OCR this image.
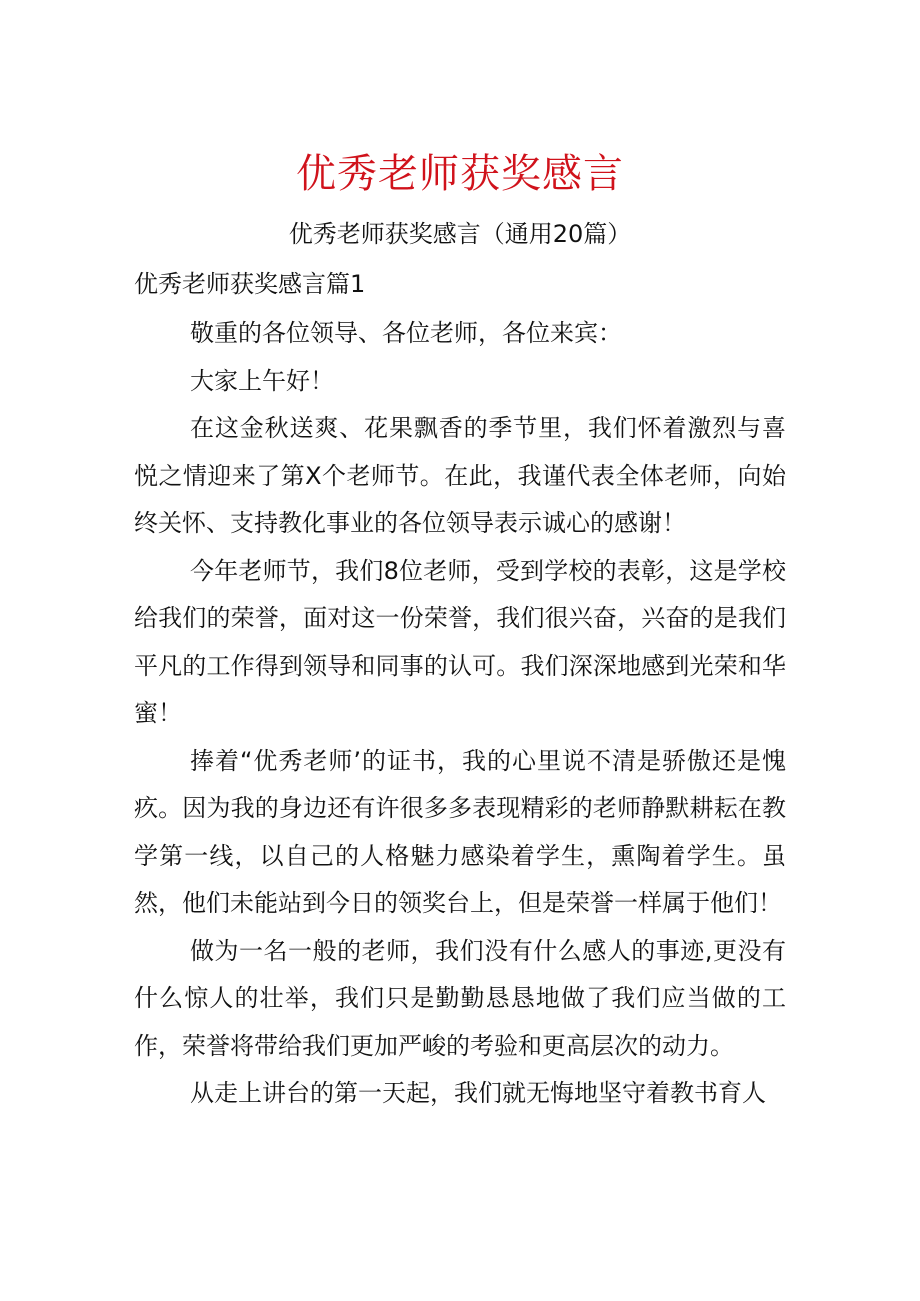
优秀老师获奖感言
优秀老师获奖感言（通用20篇）
优秀老师获奖感言篇1

敬重的各位领导、各位老师，各位来宾：

大家上午好！

在这金秋送爽、花果飘香的季节里，我们怀着激烈与喜悦之情迎来了第X个老师节。在此，我谨代表全体老师，向始终关怀、支持教化事业的各位领导表示诚心的感谢！

今年老师节，我们8位老师，受到学校的表彰，这是学校给我们的荣誉，面对这一份荣誉，我们很兴奋，兴奋的是我们平凡的工作得到领导和同事的认可。我们深深地感到光荣和华蜜！

捧着“优秀老师’的证书，我的心里说不清是骄傲还是愧疚。因为我的身边还有许很多多表现精彩的老师静默耕耘在教学第一线，以自己的人格魅力感染着学生，熏陶着学生。虽然，他们未能站到今日的领奖台上，但是荣誉一样属于他们！

做为一名一般的老师，我们没有什么感人的事迹,更没有什么惊人的壮举，我们只是勤勤恳恳地做了我们应当做的工作，荣誉将带给我们更加严峻的考验和更高层次的动力。

从走上讲台的第一天起，我们就无悔地坚守着教书育人
